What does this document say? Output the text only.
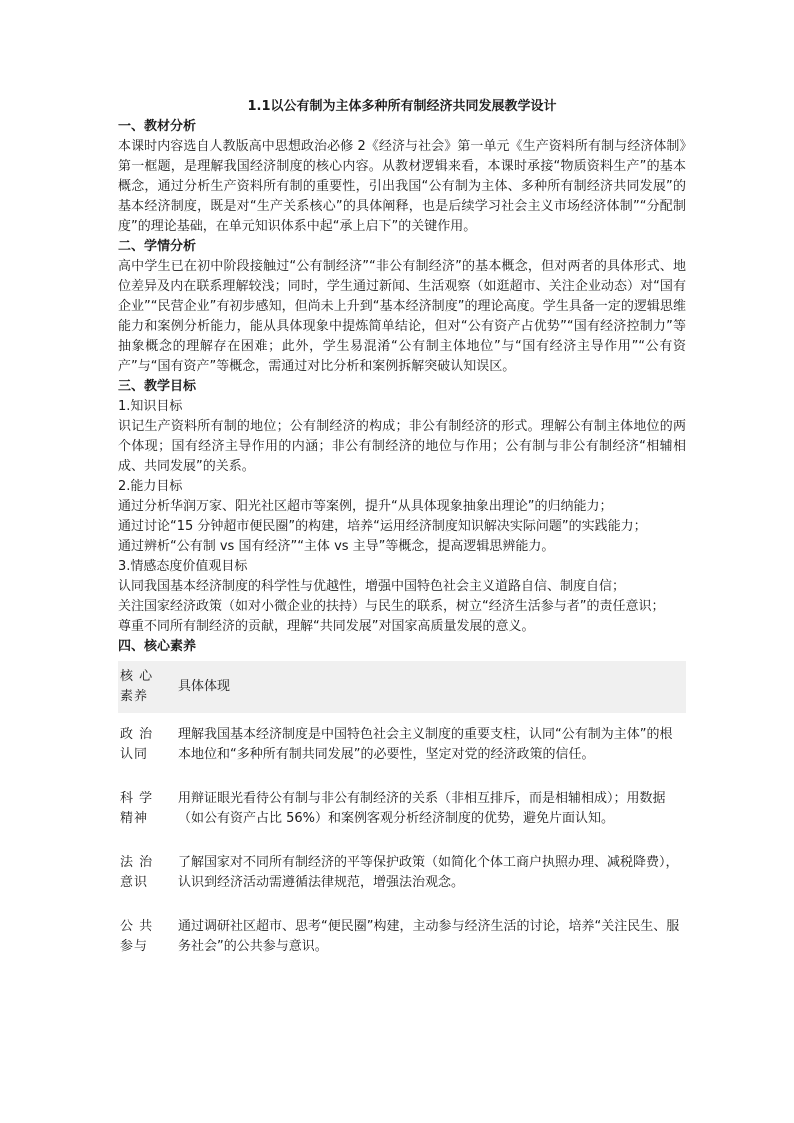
1.1以公有制为主体多种所有制经济共同发展教学设计

一、教材分析

本课时内容选自人教版高中思想政治必修 2《经济与社会》第一单元《生产资料所有制与经济体制》第一框题，是理解我国经济制度的核心内容。从教材逻辑来看，本课时承接“物质资料生产”的基本概念，通过分析生产资料所有制的重要性，引出我国“公有制为主体、多种所有制经济共同发展”的基本经济制度，既是对“生产关系核心”的具体阐释，也是后续学习社会主义市场经济体制”“分配制度”的理论基础，在单元知识体系中起“承上启下”的关键作用。

二、学情分析

高中学生已在初中阶段接触过“公有制经济”“非公有制经济”的基本概念，但对两者的具体形式、地位差异及内在联系理解较浅；同时，学生通过新闻、生活观察（如逛超市、关注企业动态）对“国有企业”“民营企业”有初步感知，但尚未上升到“基本经济制度”的理论高度。学生具备一定的逻辑思维能力和案例分析能力，能从具体现象中提炼简单结论，但对“公有资产占优势”“国有经济控制力”等抽象概念的理解存在困难；此外，学生易混淆“公有制主体地位”与“国有经济主导作用”“公有资产”与“国有资产”等概念，需通过对比分析和案例拆解突破认知误区。

三、教学目标

1.知识目标

识记生产资料所有制的地位；公有制经济的构成；非公有制经济的形式。理解公有制主体地位的两个体现；国有经济主导作用的内涵；非公有制经济的地位与作用；公有制与非公有制经济“相辅相成、共同发展”的关系。

2.能力目标

通过分析华润万家、阳光社区超市等案例，提升“从具体现象抽象出理论”的归纳能力；

通过讨论“15 分钟超市便民圈”的构建，培养“运用经济制度知识解决实际问题”的实践能力；

通过辨析“公有制 vs 国有经济”“主体 vs 主导”等概念，提高逻辑思辨能力。

3.情感态度价值观目标

认同我国基本经济制度的科学性与优越性，增强中国特色社会主义道路自信、制度自信；

关注国家经济政策（如对小微企业的扶持）与民生的联系，树立“经济生活参与者”的责任意识；

尊重不同所有制经济的贡献，理解“共同发展”对国家高质量发展的意义。

四、核心素养

核 心 素养	具体体现
政 治 认同	理解我国基本经济制度是中国特色社会主义制度的重要支柱，认同“公有制为主体”的根本地位和“多种所有制共同发展”的必要性，坚定对党的经济政策的信任。
科 学 精神	用辩证眼光看待公有制与非公有制经济的关系（非相互排斥，而是相辅相成）；用数据（如公有资产占比 56%）和案例客观分析经济制度的优势，避免片面认知。
法 治 意识	了解国家对不同所有制经济的平等保护政策（如简化个体工商户执照办理、减税降费），认识到经济活动需遵循法律规范，增强法治观念。
公 共 参与	通过调研社区超市、思考“便民圈”构建，主动参与经济生活的讨论，培养“关注民生、服务社会”的公共参与意识。
